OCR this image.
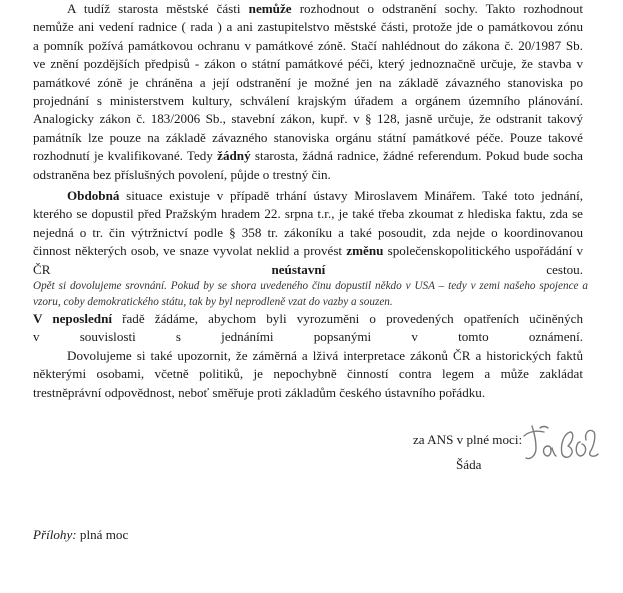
A tudíž starosta městské části nemůže rozhodnout o odstranění sochy. Takto rozhodnout
nemůže ani vedení radnice ( rada ) a ani zastupitelstvo městské části, protože jde o památkovou zónu
a pomník požívá památkovou ochranu v památkové zóně. Stačí nahlédnout do zákona č. 20/1987 Sb.
ve znění pozdějších předpisů - zákon o státní památkové péči, který jednoznačně určuje, že stavba v
památkové zóně je chráněna a její odstranění je možné jen na základě závazného stanoviska po
projednání s ministerstvem kultury, schválení krajským úřadem a orgánem územního plánování.
Analogicky zákon č. 183/2006 Sb., stavební zákon, kupř. v § 128, jasně určuje, že odstranit takový
památník lze pouze na základě závazného stanoviska orgánu státní památkové péče. Pouze takové
rozhodnutí je kvalifikované. Tedy žádný starosta, žádná radnice, žádné referendum. Pokud bude socha
odstraněna bez příslušných povolení, půjde o trestný čin.
Obdobná situace existuje v případě trhání ústavy Miroslavem Minářem. Také toto jednání,
kterého se dopustil před Pražským hradem 22. srpna t.r., je také třeba zkoumat z hlediska faktu, zda se
nejedná o tr. čin výtržnictví podle § 358 tr. zákoníku a také posoudit, zda nejde o koordinovanou
činnost některých osob, ve snaze vyvolat neklid a provést změnu společenskopolitického uspořádání v
ČR	neústavní	cestou.
Opět si dovolujeme srovnání. Pokud by se shora uvedeného činu dopustil někdo v USA – tedy v zemi našeho spojence a vzoru, coby demokratického státu, tak by byl neprodleně vzat do vazby a souzen.
V neposlední řadě žádáme, abychom byli vyrozuměni o provedených opatřeních učiněných
v souvislosti	s jednáními	popsanými	v tomto	oznámení.
Dovolujeme si také upozornit, že záměrná a lživá interpretace zákonů ČR a historických faktů
některými osobami, včetně politiků, je nepochybně činností contra legem a může zakládat
trestněprávní odpovědnost, neboť směřuje proti základům českého ústavního pořádku.
za ANS v plné moci:
Šáda
Přílohy: plná moc
